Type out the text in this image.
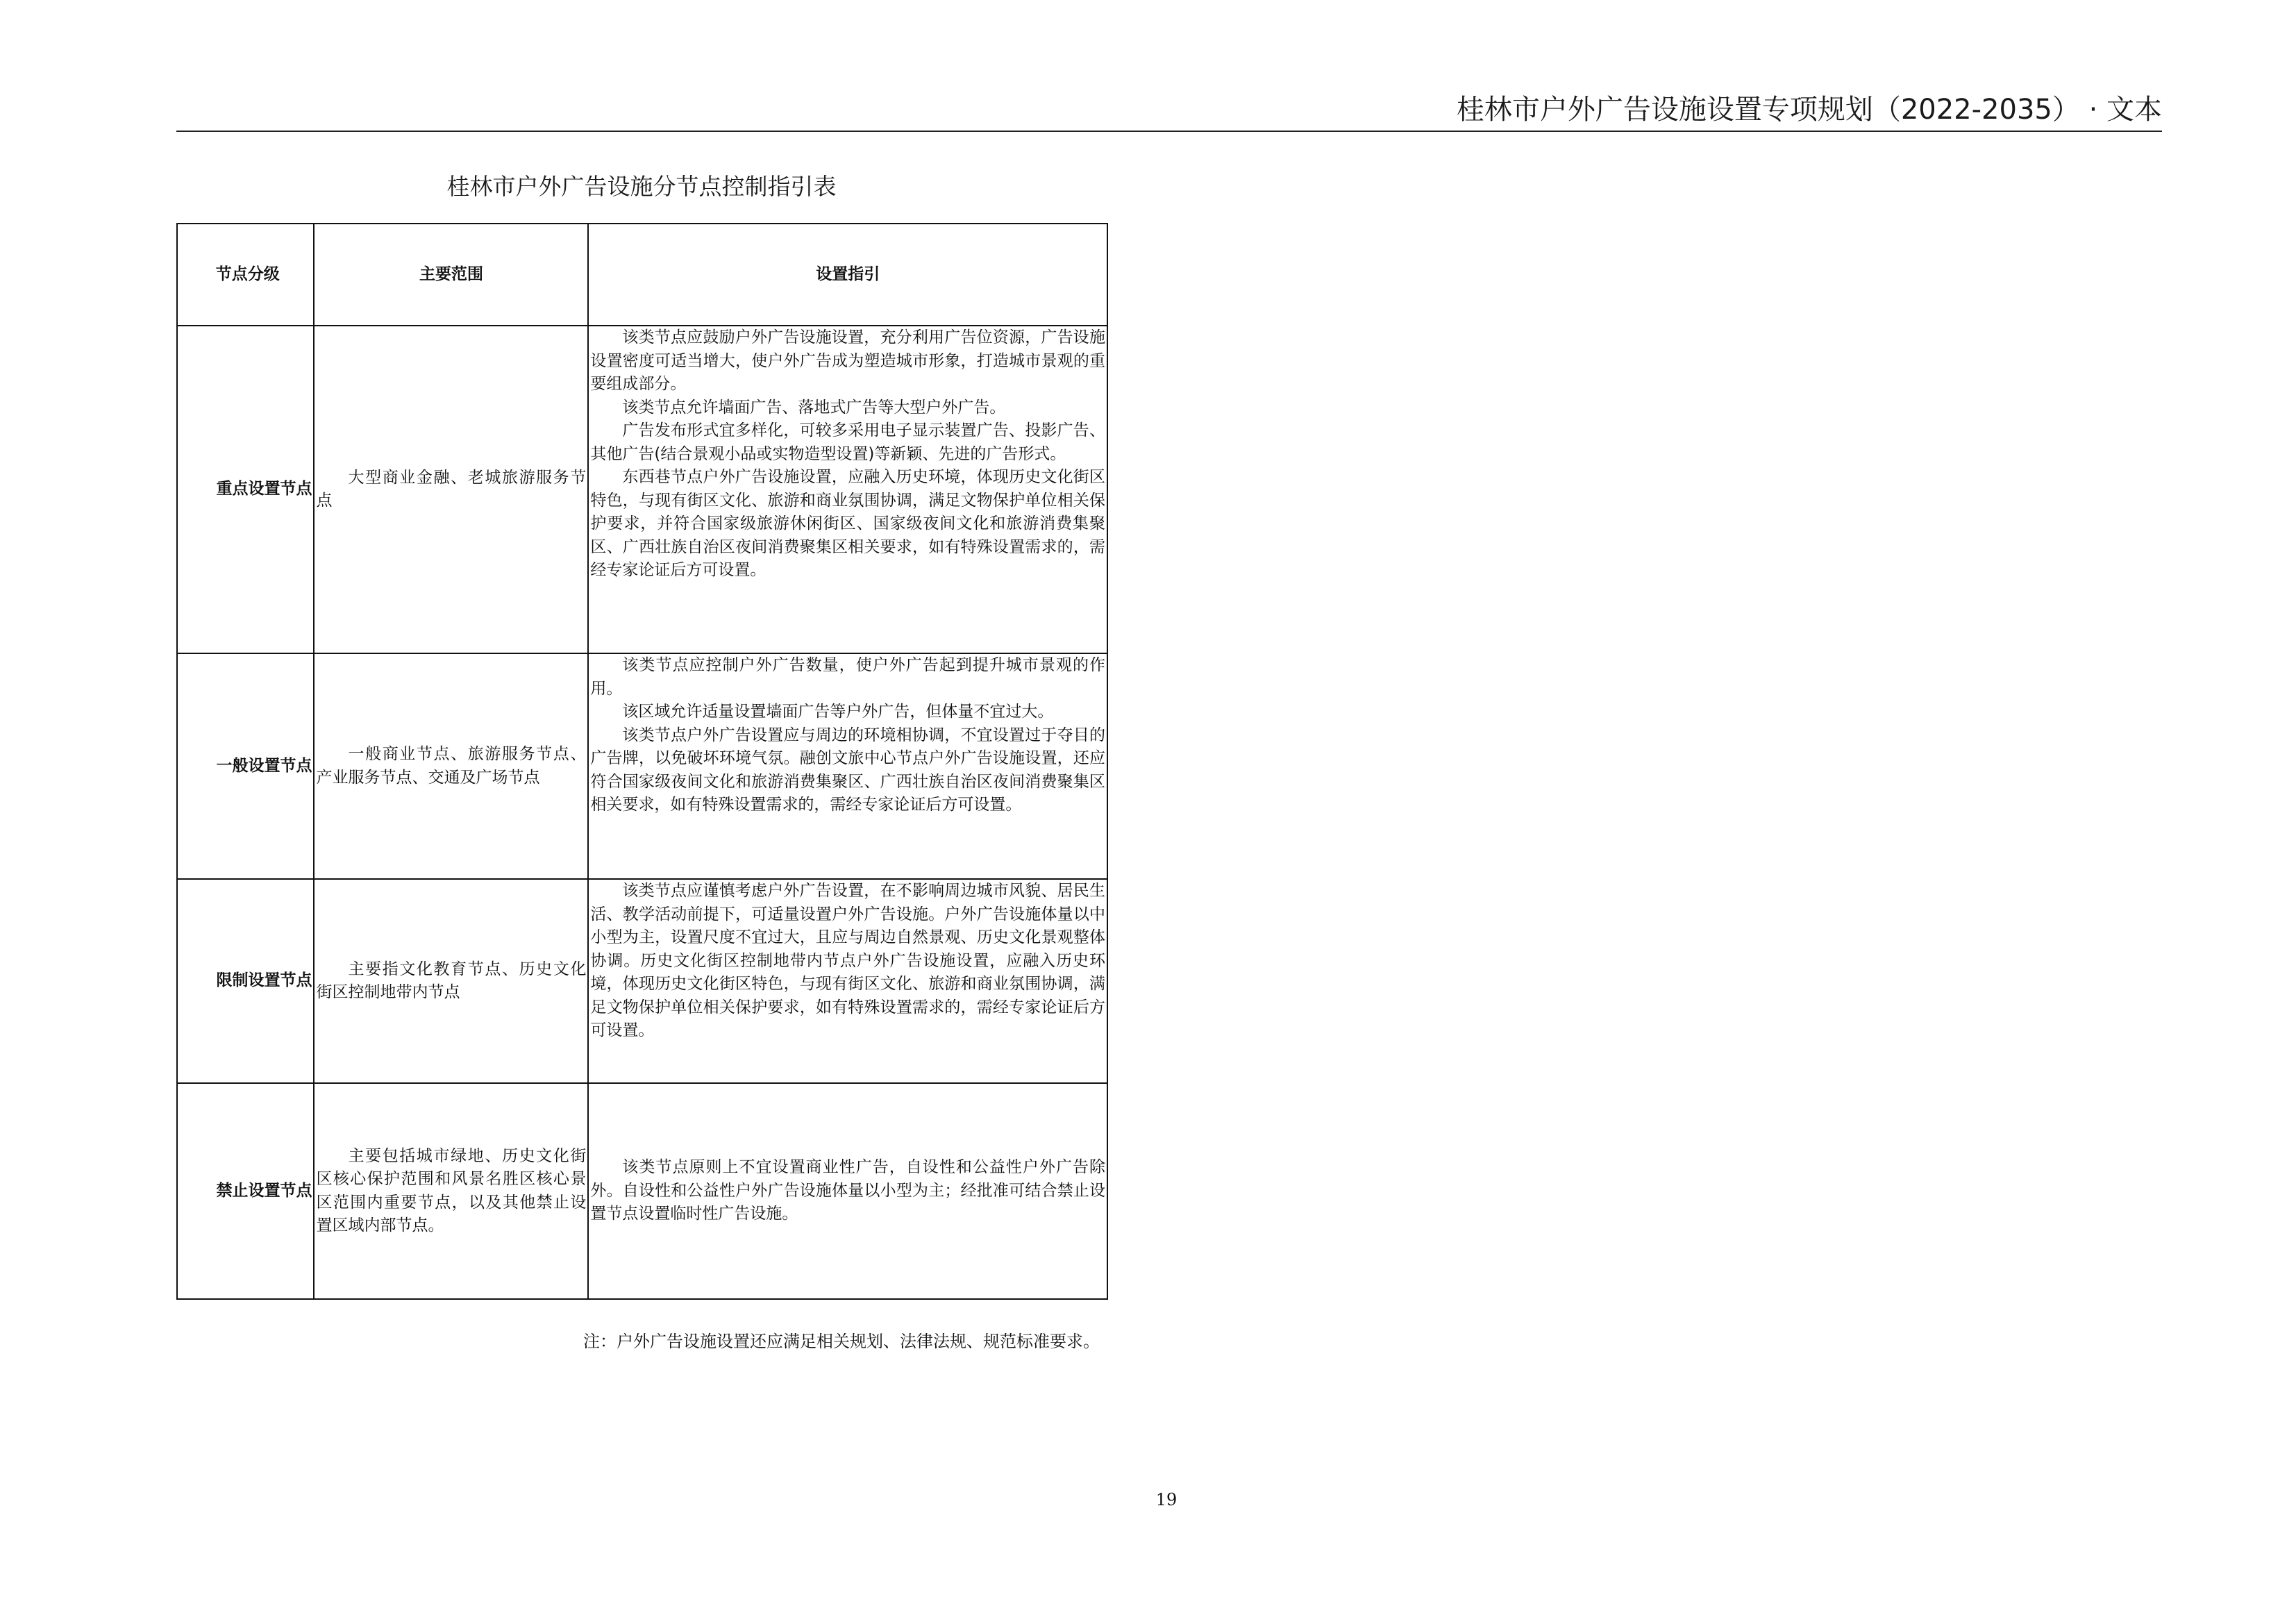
桂林市户外广告设施设置专项规划（2022-2035） · 文本
桂林市户外广告设施分节点控制指引表
节点分级	主要范围	设置指引
重点设置节点	大型商业金融、老城旅游服务节点	该类节点应鼓励户外广告设施设置，充分利用广告位资源，广告设施设置密度可适当增大，使户外广告成为塑造城市形象，打造城市景观的重要组成部分。

该类节点允许墙面广告、落地式广告等大型户外广告。

广告发布形式宜多样化，可较多采用电子显示装置广告、投影广告、其他广告(结合景观小品或实物造型设置)等新颖、先进的广告形式。

东西巷节点户外广告设施设置，应融入历史环境，体现历史文化街区特色，与现有街区文化、旅游和商业氛围协调，满足文物保护单位相关保护要求，并符合国家级旅游休闲街区、国家级夜间文化和旅游消费集聚区、广西壮族自治区夜间消费聚集区相关要求，如有特殊设置需求的，需经专家论证后方可设置。

一般设置节点	一般商业节点、旅游服务节点、产业服务节点、交通及广场节点	该类节点应控制户外广告数量，使户外广告起到提升城市景观的作用。

该区域允许适量设置墙面广告等户外广告，但体量不宜过大。

该类节点户外广告设置应与周边的环境相协调，不宜设置过于夺目的广告牌，以免破坏环境气氛。融创文旅中心节点户外广告设施设置，还应符合国家级夜间文化和旅游消费集聚区、广西壮族自治区夜间消费聚集区相关要求，如有特殊设置需求的，需经专家论证后方可设置。

限制设置节点	主要指文化教育节点、历史文化街区控制地带内节点	该类节点应谨慎考虑户外广告设置，在不影响周边城市风貌、居民生活、教学活动前提下，可适量设置户外广告设施。户外广告设施体量以中小型为主，设置尺度不宜过大，且应与周边自然景观、历史文化景观整体协调。历史文化街区控制地带内节点户外广告设施设置，应融入历史环境，体现历史文化街区特色，与现有街区文化、旅游和商业氛围协调，满足文物保护单位相关保护要求，如有特殊设置需求的，需经专家论证后方可设置。

禁止设置节点	主要包括城市绿地、历史文化街区核心保护范围和风景名胜区核心景区范围内重要节点，以及其他禁止设置区域内部节点。	该类节点原则上不宜设置商业性广告，自设性和公益性户外广告除外。自设性和公益性户外广告设施体量以小型为主；经批准可结合禁止设置节点设置临时性广告设施。

注：户外广告设施设置还应满足相关规划、法律法规、规范标准要求。
19
